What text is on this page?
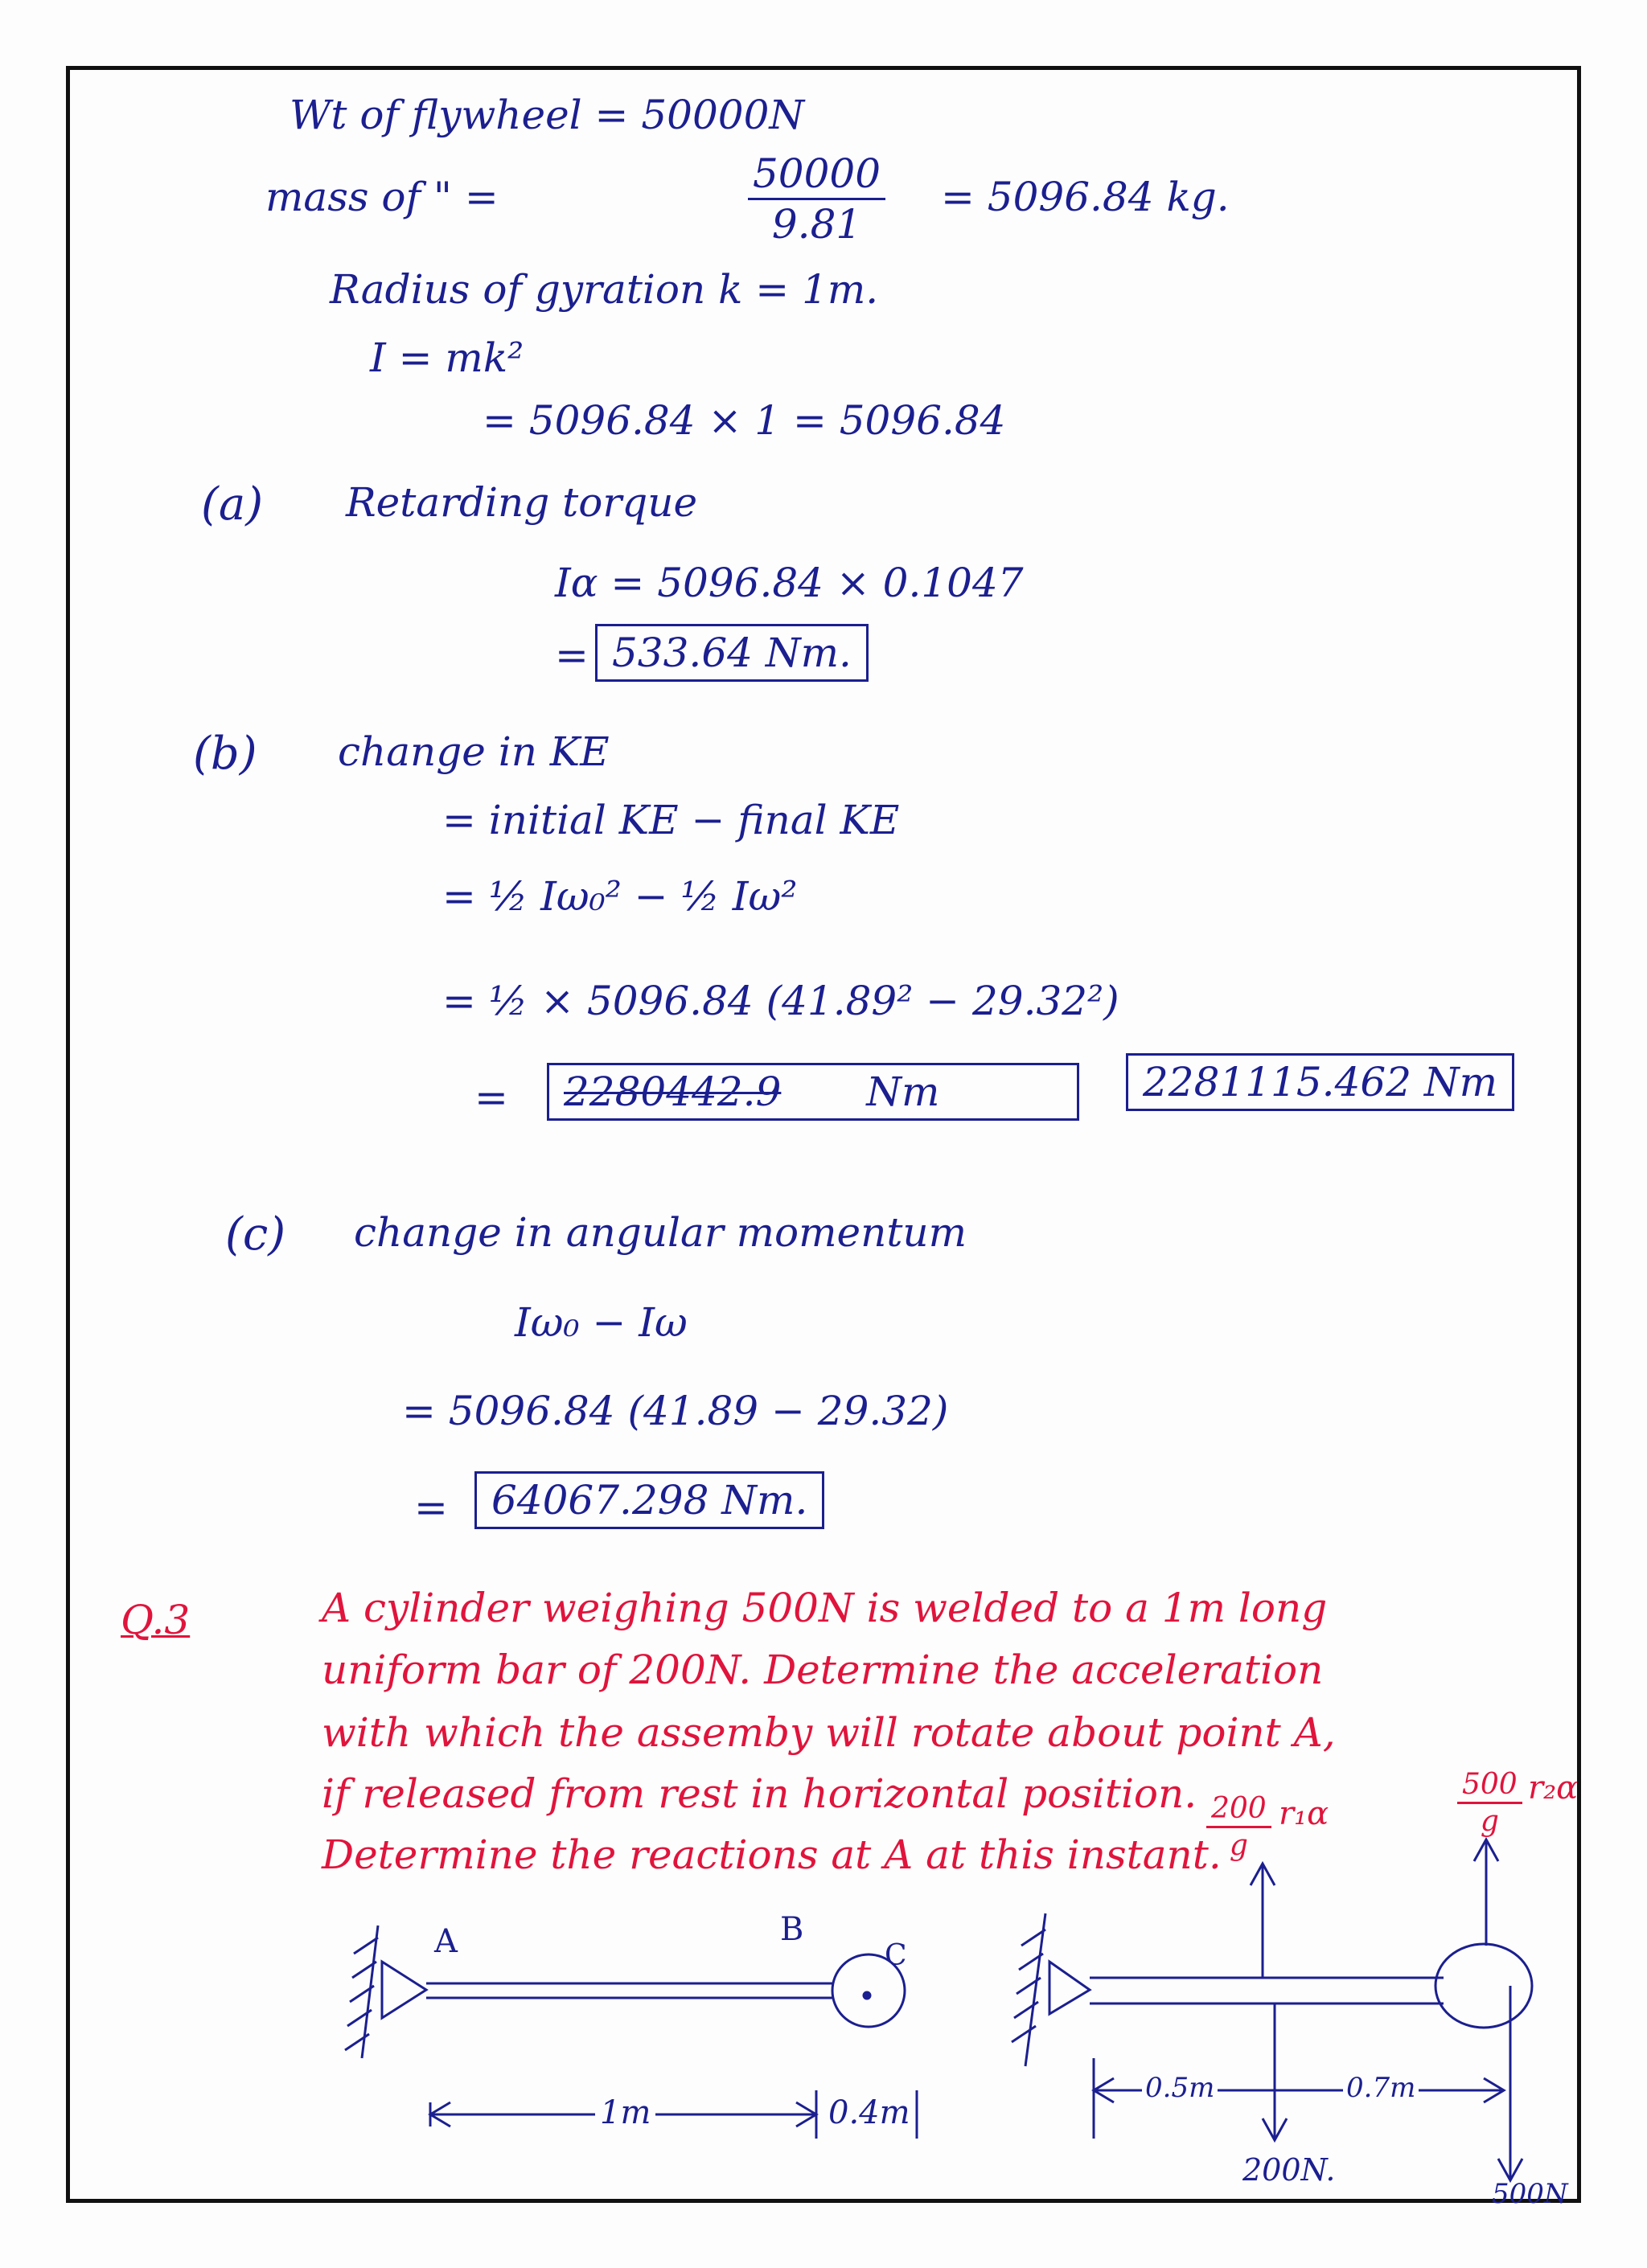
Wt of flywheel = 50000N
mass of " =	$\frac{50000}{9.81} = 5096.84$ kg.
Radius of gyration k = 1m.
I = mk²
= 5096.84 × 1 = 5096.84
(a) Retarding torque
Iα = 5096.84 × 0.1047
= 533.64 Nm.
(b) change in KE
= initial KE − final KE
= ½ Iω₀² − ½ Iω²
= ½ × 5096.84 (41.89² − 29.32²)
=	2280442.9 Nm	2281115.462 Nm
(c) change in angular momentum
Iω₀ − Iω
= 5096.84 (41.89 − 29.32)
=	64067.298 Nm.
Q.3	A cylinder weighing 500N is welded to a 1m long
uniform bar of 200N. Determine the acceleration
with which the assemby will rotate about point A,
if released from rest in horizontal position.
Determine the reactions at A at this instant.
A	B
C
1m	0.4m
$\frac{200}{g} r_1\alpha$	$\frac{500}{g} r_2\alpha$
0.5m	0.7m
200N.
500N
